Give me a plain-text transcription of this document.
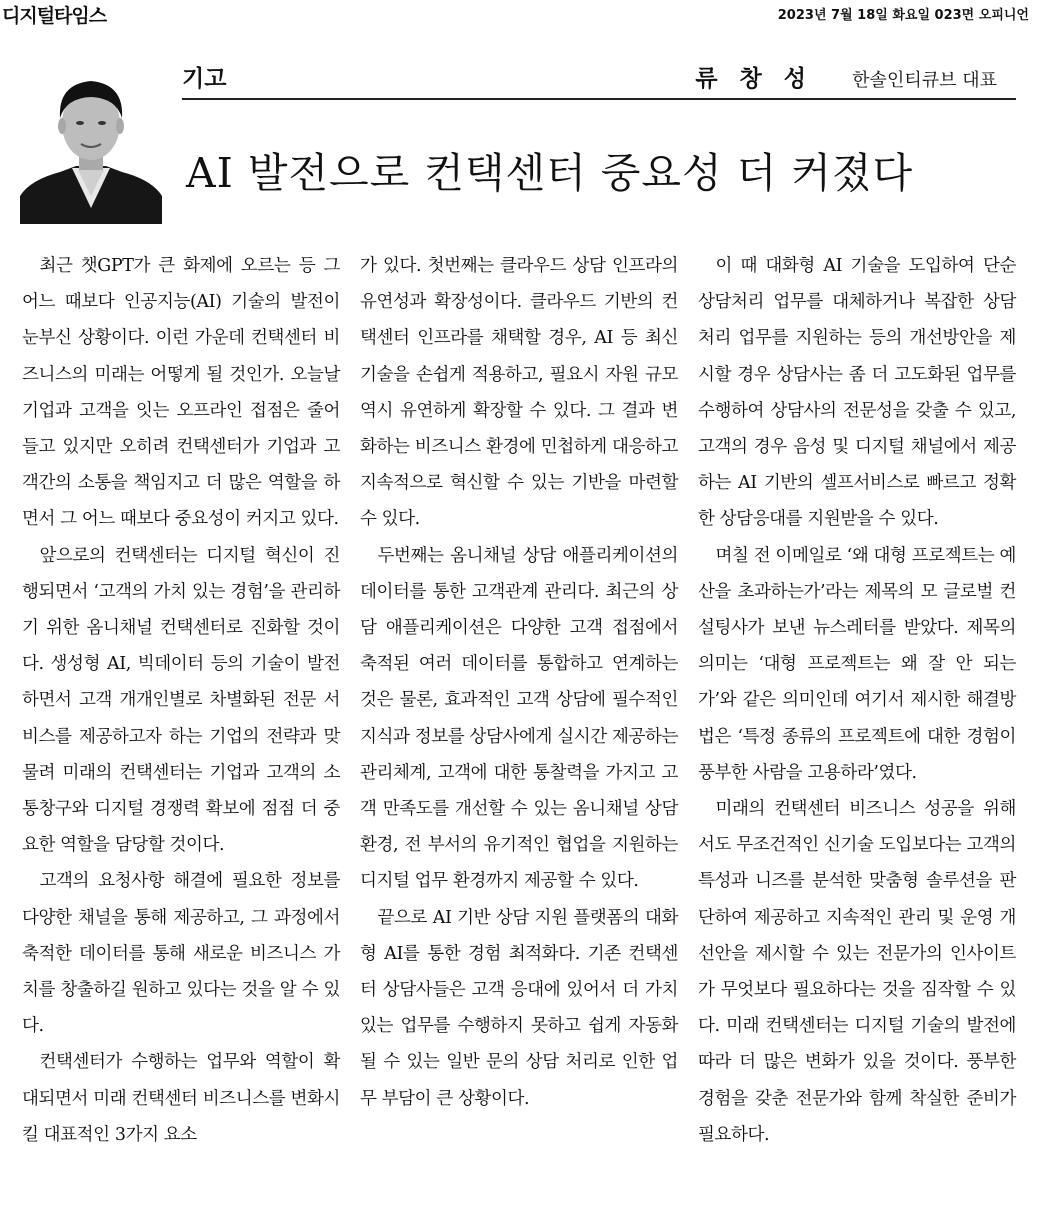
디지털타임스	2023년 7월 18일 화요일 023면 오피니언
기고	류 창 성 한솔인티큐브 대표
AI 발전으로 컨택센터 중요성 더 커졌다

최근 챗GPT가 큰 화제에 오르는 등 그 어느 때보다 인공지능(AI) 기술의 발전이 눈부신 상황이다. 이런 가운데 컨택센터 비즈니스의 미래는 어떻게 될 것인가. 오늘날 기업과 고객을 잇는 오프라인 접점은 줄어들고 있지만 오히려 컨택센터가 기업과 고객간의 소통을 책임지고 더 많은 역할을 하면서 그 어느 때보다 중요성이 커지고 있다.

앞으로의 컨택센터는 디지털 혁신이 진행되면서 ‘고객의 가치 있는 경험’을 관리하기 위한 옴니채널 컨택센터로 진화할 것이다. 생성형 AI, 빅데이터 등의 기술이 발전하면서 고객 개개인별로 차별화된 전문 서비스를 제공하고자 하는 기업의 전략과 맞물려 미래의 컨택센터는 기업과 고객의 소통창구와 디지털 경쟁력 확보에 점점 더 중요한 역할을 담당할 것이다.

고객의 요청사항 해결에 필요한 정보를 다양한 채널을 통해 제공하고, 그 과정에서 축적한 데이터를 통해 새로운 비즈니스 가치를 창출하길 원하고 있다는 것을 알 수 있다.

컨택센터가 수행하는 업무와 역할이 확대되면서 미래 컨택센터 비즈니스를 변화시킬 대표적인 3가지 요소

가 있다. 첫번째는 클라우드 상담 인프라의 유연성과 확장성이다. 클라우드 기반의 컨택센터 인프라를 채택할 경우, AI 등 최신 기술을 손쉽게 적용하고, 필요시 자원 규모 역시 유연하게 확장할 수 있다. 그 결과 변화하는 비즈니스 환경에 민첩하게 대응하고 지속적으로 혁신할 수 있는 기반을 마련할 수 있다.

두번째는 옴니채널 상담 애플리케이션의 데이터를 통한 고객관계 관리다. 최근의 상담 애플리케이션은 다양한 고객 접점에서 축적된 여러 데이터를 통합하고 연계하는 것은 물론, 효과적인 고객 상담에 필수적인 지식과 정보를 상담사에게 실시간 제공하는 관리체계, 고객에 대한 통찰력을 가지고 고객 만족도를 개선할 수 있는 옴니채널 상담 환경, 전 부서의 유기적인 협업을 지원하는 디지털 업무 환경까지 제공할 수 있다.

끝으로 AI 기반 상담 지원 플랫폼의 대화형 AI를 통한 경험 최적화다. 기존 컨택센터 상담사들은 고객 응대에 있어서 더 가치 있는 업무를 수행하지 못하고 쉽게 자동화될 수 있는 일반 문의 상담 처리로 인한 업무 부담이 큰 상황이다.

이 때 대화형 AI 기술을 도입하여 단순 상담처리 업무를 대체하거나 복잡한 상담 처리 업무를 지원하는 등의 개선방안을 제시할 경우 상담사는 좀 더 고도화된 업무를 수행하여 상담사의 전문성을 갖출 수 있고, 고객의 경우 음성 및 디지털 채널에서 제공하는 AI 기반의 셀프서비스로 빠르고 정확한 상담응대를 지원받을 수 있다.

며칠 전 이메일로 ‘왜 대형 프로젝트는 예산을 초과하는가’라는 제목의 모 글로벌 컨설팅사가 보낸 뉴스레터를 받았다. 제목의 의미는 ‘대형 프로젝트는 왜 잘 안 되는가’와 같은 의미인데 여기서 제시한 해결방법은 ‘특정 종류의 프로젝트에 대한 경험이 풍부한 사람을 고용하라’였다.

미래의 컨택센터 비즈니스 성공을 위해서도 무조건적인 신기술 도입보다는 고객의 특성과 니즈를 분석한 맞춤형 솔루션을 판단하여 제공하고 지속적인 관리 및 운영 개선안을 제시할 수 있는 전문가의 인사이트가 무엇보다 필요하다는 것을 짐작할 수 있다. 미래 컨택센터는 디지털 기술의 발전에 따라 더 많은 변화가 있을 것이다. 풍부한 경험을 갖춘 전문가와 함께 착실한 준비가 필요하다.
